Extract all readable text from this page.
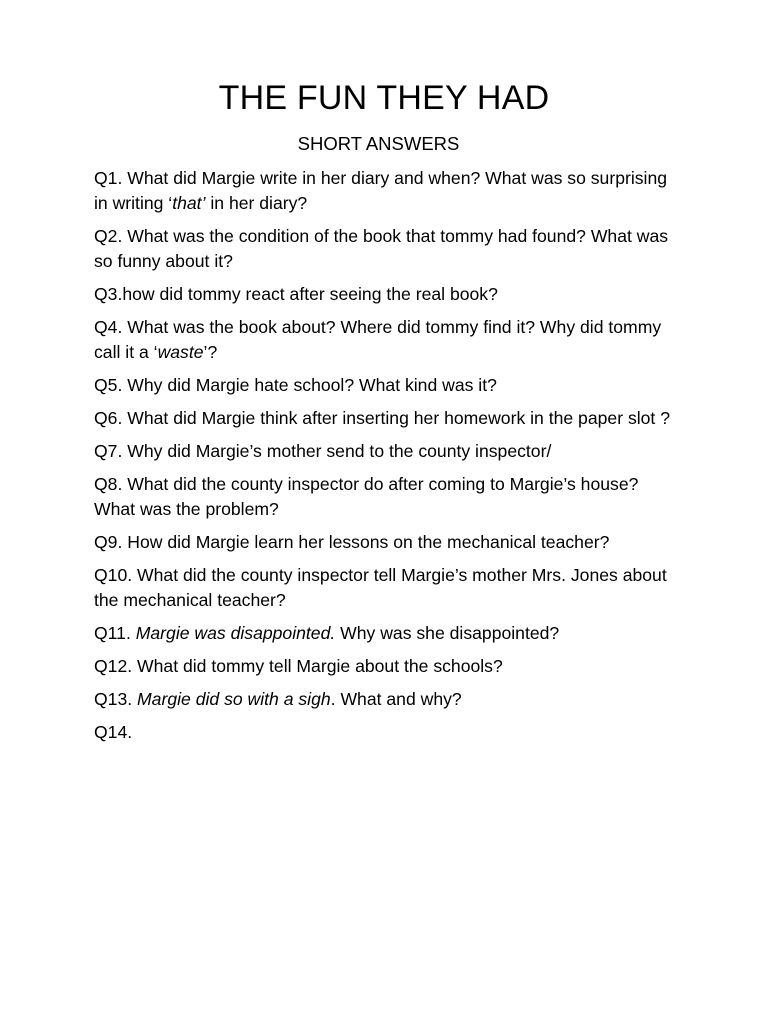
THE FUN THEY HAD
SHORT ANSWERS
Q1. What did Margie write in her diary and when? What was so surprising in writing ‘that’ in her diary?
Q2. What was the condition of the book that tommy had found? What was so funny about it?
Q3.how did tommy react after seeing the real book?
Q4. What was the book about? Where did tommy find it? Why did tommy call it a ‘waste’?
Q5. Why did Margie hate school? What kind was it?
Q6. What did Margie think after inserting her homework in the paper slot ?
Q7. Why did Margie’s mother send to the county inspector/
Q8. What did the county inspector do after coming to Margie’s house? What was the problem?
Q9. How did Margie learn her lessons on the mechanical teacher?
Q10. What did the county inspector tell Margie’s mother Mrs. Jones about the mechanical teacher?
Q11. Margie was disappointed. Why was she disappointed?
Q12. What did tommy tell Margie about the schools?
Q13. Margie did so with a sigh. What and why?
Q14.
